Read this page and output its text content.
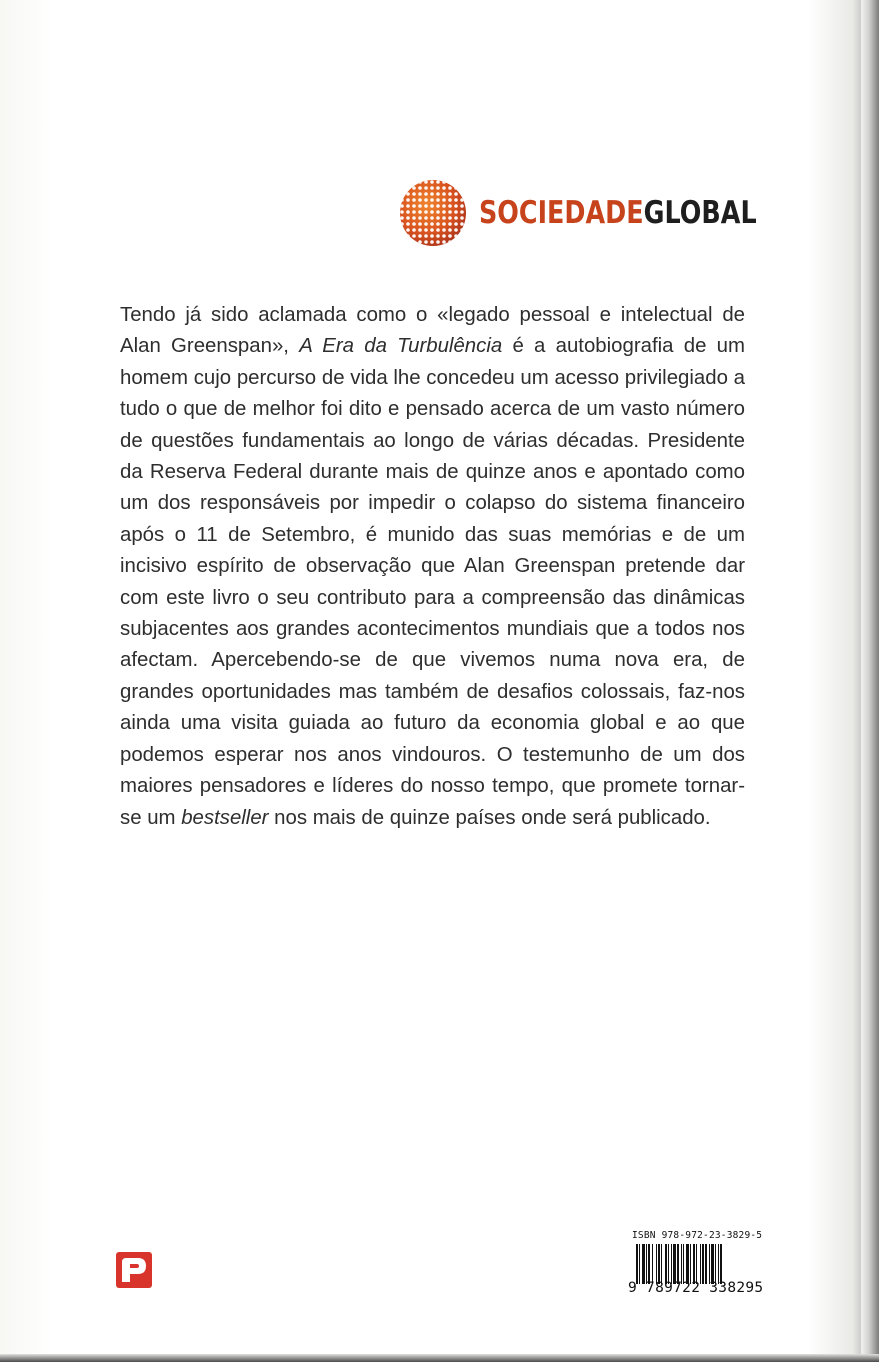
SOCIEDADEGLOBAL

Tendo já sido aclamada como o «legado pessoal e intelectual de Alan Greenspan», A Era da Turbulência é a autobiografia de um homem cujo percurso de vida lhe concedeu um acesso privilegiado a tudo o que de melhor foi dito e pensado acerca de um vasto número de questões fundamentais ao longo de várias décadas. Presidente da Reserva Federal durante mais de quinze anos e apontado como um dos responsáveis por impedir o colapso do sistema financeiro após o 11 de Setembro, é munido das suas memórias e de um incisivo espírito de observação que Alan Greenspan pretende dar com este livro o seu contributo para a compreensão das dinâmicas subjacentes aos grandes acontecimentos mundiais que a todos nos afectam. Apercebendo-se de que vivemos numa nova era, de grandes oportunidades mas também de desafios colossais, faz-nos ainda uma visita guiada ao futuro da economia global e ao que podemos esperar nos anos vindouros. O testemunho de um dos maiores pensadores e líderes do nosso tempo, que promete tornar-se um bestseller nos mais de quinze países onde será publicado.

ISBN 978-972-23-3829-5
9 789722 338295
